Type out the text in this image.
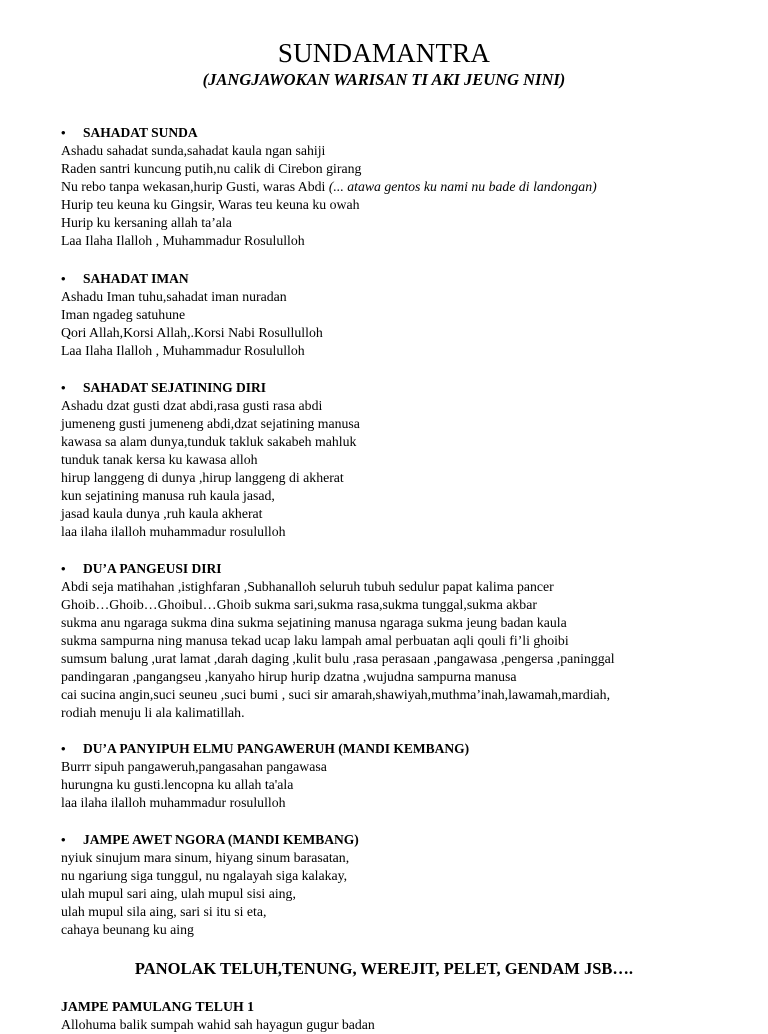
SUNDAMANTRA
(JANGJAWOKAN WARISAN TI AKI JEUNG NINI)
• SAHADAT SUNDA
Ashadu sahadat sunda,sahadat kaula ngan sahiji
Raden santri kuncung putih,nu calik di Cirebon girang
Nu rebo tanpa wekasan,hurip Gusti, waras Abdi (... atawa gentos ku nami nu bade di landongan)
Hurip teu keuna ku Gingsir, Waras teu keuna ku owah
Hurip ku kersaning allah ta’ala
Laa Ilaha Ilalloh , Muhammadur Rosululloh
• SAHADAT IMAN
Ashadu Iman tuhu,sahadat iman nuradan
Iman ngadeg satuhune
Qori Allah,Korsi Allah,.Korsi Nabi Rosullulloh
Laa Ilaha Ilalloh , Muhammadur Rosululloh
• SAHADAT SEJATINING DIRI
Ashadu dzat gusti dzat abdi,rasa gusti rasa abdi
jumeneng gusti jumeneng abdi,dzat sejatining manusa
kawasa sa alam dunya,tunduk takluk sakabeh mahluk
tunduk tanak kersa ku kawasa alloh
hirup langgeng di dunya ,hirup langgeng di akherat
kun sejatining manusa ruh kaula jasad,
jasad kaula dunya ,ruh kaula akherat
laa ilaha ilalloh muhammadur rosululloh
• DU’A PANGEUSI DIRI
Abdi seja matihahan ,istighfaran ,Subhanalloh seluruh tubuh sedulur papat kalima pancer
Ghoib…Ghoib…Ghoibul…Ghoib sukma sari,sukma rasa,sukma tunggal,sukma akbar
sukma anu ngaraga sukma dina sukma sejatining manusa ngaraga sukma jeung badan kaula
sukma sampurna ning manusa tekad ucap laku lampah amal perbuatan aqli qouli fi’li ghoibi
sumsum balung ,urat lamat ,darah daging ,kulit bulu ,rasa perasaan ,pangawasa ,pengersa ,paninggal
pandingaran ,pangangseu ,kanyaho hirup hurip dzatna ,wujudna sampurna manusa
cai sucina angin,suci seuneu ,suci bumi , suci sir amarah,shawiyah,muthma’inah,lawamah,mardiah,
rodiah menuju li ala kalimatillah.
• DU’A PANYIPUH ELMU PANGAWERUH (MANDI KEMBANG)
Burrr sipuh pangaweruh,pangasahan pangawasa
hurungna ku gusti.lencopna ku allah ta'ala
laa ilaha ilalloh muhammadur rosululloh
• JAMPE AWET NGORA (MANDI KEMBANG)
nyiuk sinujum mara sinum, hiyang sinum barasatan,
nu ngariung siga tunggul, nu ngalayah siga kalakay,
ulah mupul sari aing, ulah mupul sisi aing,
ulah mupul sila aing, sari si itu si eta,
cahaya beunang ku aing
PANOLAK TELUH,TENUNG, WEREJIT, PELET, GENDAM JSB….
JAMPE PAMULANG TELUH 1
Allohuma balik sumpah wahid sah hayagun gugur badan
